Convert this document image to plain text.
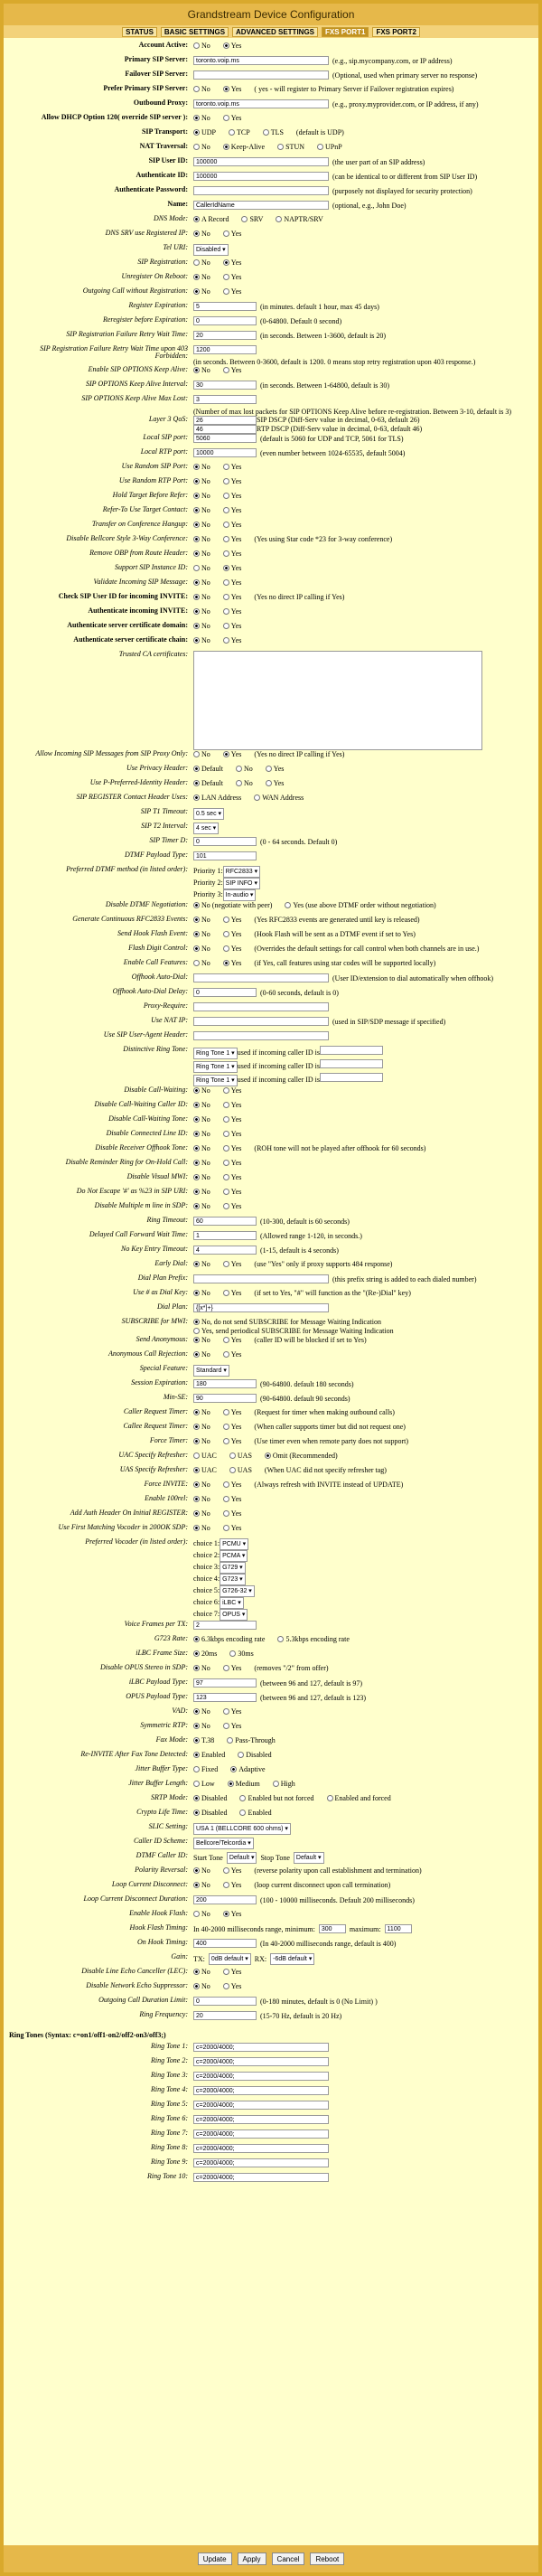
Grandstream Device Configuration
STATUS	BASIC SETTINGS	ADVANCED SETTINGS	FXS PORT1	FXS PORT2
Account Active:	No	Yes
Primary SIP Server:	toronto.voip.ms	(e.g., sip.mycompany.com, or IP address)
Failover SIP Server:	(Optional, used when primary server no response)
Prefer Primary SIP Server:	No	Yes ( yes - will register to Primary Server if Failover registration expires)
Outbound Proxy:	toronto.voip.ms	(e.g., proxy.myprovider.com, or IP address, if any)
Allow DHCP Option 120( override SIP server ):	No	Yes
SIP Transport:	UDP	TCP	TLS (default is UDP)
NAT Traversal:	No	Keep-Alive	STUN	UPnP
SIP User ID:	100000	(the user part of an SIP address)
Authenticate ID:	100000	(can be identical to or different from SIP User ID)
Authenticate Password:	(purposely not displayed for security protection)
Name:	CallerIdName	(optional, e.g., John Doe)
DNS Mode:	A Record	SRV	NAPTR/SRV
DNS SRV use Registered IP:	No	Yes
Tel URI:	Disabled ▾
SIP Registration:	No	Yes
Unregister On Reboot:	No	Yes
Outgoing Call without Registration:	No	Yes
Register Expiration:	5	(in minutes. default 1 hour, max 45 days)
Reregister before Expiration:	0	(0-64800. Default 0 second)
SIP Registration Failure Retry Wait Time:	20	(in seconds. Between 1-3600, default is 20)
SIP Registration Failure Retry Wait Time upon 403 Forbidden:
1200
(in seconds. Between 0-3600, default is 1200. 0 means stop retry registration upon 403 response.)
Enable SIP OPTIONS Keep Alive:	No	Yes
SIP OPTIONS Keep Alive Interval:	30	(in seconds. Between 1-64800, default is 30)
SIP OPTIONS Keep Alive Max Lost:	3
(Number of max lost packets for SIP OPTIONS Keep Alive before re-registration. Between 3-10, default is 3)
Layer 3 QoS:	26	SIP DSCP (Diff-Serv value in decimal, 0-63, default 26)
46	RTP DSCP (Diff-Serv value in decimal, 0-63, default 46)
Local SIP port:	5060	(default is 5060 for UDP and TCP, 5061 for TLS)
Local RTP port:	10000	(even number between 1024-65535, default 5004)
Use Random SIP Port:	No	Yes
Use Random RTP Port:	No	Yes
Hold Target Before Refer:	No	Yes
Refer-To Use Target Contact:	No	Yes
Transfer on Conference Hangup:	No	Yes
Disable Bellcore Style 3-Way Conference:	No	Yes (Yes using Star code *23 for 3-way conference)
Remove OBP from Route Header:	No	Yes
Support SIP Instance ID:	No	Yes
Validate Incoming SIP Message:	No	Yes
Check SIP User ID for incoming INVITE:	No	Yes (Yes no direct IP calling if Yes)
Authenticate incoming INVITE:	No	Yes
Authenticate server certificate domain:	No	Yes
Authenticate server certificate chain:	No	Yes
Trusted CA certificates:
Allow Incoming SIP Messages from SIP Proxy Only:	No	Yes (Yes no direct IP calling if Yes)
Use Privacy Header:	Default	No	Yes
Use P-Preferred-Identity Header:	Default	No	Yes
SIP REGISTER Contact Header Uses:	LAN Address	WAN Address
SIP T1 Timeout:	0.5 sec ▾
SIP T2 Interval:	4 sec ▾
SIP Timer D:	0	(0 - 64 seconds. Default 0)
DTMF Payload Type:	101
Preferred DTMF method (in listed order): Priority 1: RFC2833 ▾
Priority 2: SIP INFO ▾
Priority 3: In-audio ▾
Disable DTMF Negotiation:	No (negotiate with peer)	Yes (use above DTMF order without negotiation)
Generate Continuous RFC2833 Events:	No	Yes (Yes RFC2833 events are generated until key is released)
Send Hook Flash Event:	No	Yes (Hook Flash will be sent as a DTMF event if set to Yes)
Flash Digit Control:	No	Yes (Overrides the default settings for call control when both channels are in use.)
Enable Call Features:	No	Yes (if Yes, call features using star codes will be supported locally)
Offhook Auto-Dial:	(User ID/extension to dial automatically when offhook)
Offhook Auto-Dial Delay:	0	(0-60 seconds, default is 0)
Proxy-Require:
Use NAT IP:	(used in SIP/SDP message if specified)
Use SIP User-Agent Header:
Distinctive Ring Tone:
Ring Tone 1 ▾ used if incoming caller ID is
Ring Tone 1 ▾ used if incoming caller ID is
Ring Tone 1 ▾ used if incoming caller ID is
Disable Call-Waiting:	No	Yes
Disable Call-Waiting Caller ID:	No	Yes
Disable Call-Waiting Tone:	No	Yes
Disable Connected Line ID:	No	Yes
Disable Receiver Offhook Tone:	No	Yes (ROH tone will not be played after offhook for 60 seconds)
Disable Reminder Ring for On-Hold Call:	No	Yes
Disable Visual MWI:	No	Yes
Do Not Escape '#' as %23 in SIP URI:	No	Yes
Disable Multiple m line in SDP:	No	Yes
Ring Timeout:	60	(10-300, default is 60 seconds)
Delayed Call Forward Wait Time:	1	(Allowed range 1-120, in seconds.)
No Key Entry Timeout:	4	(1-15, default is 4 seconds)
Early Dial:	No	Yes (use "Yes" only if proxy supports 484 response)
Dial Plan Prefix:	(this prefix string is added to each dialed number)
Use # as Dial Key:	No	Yes (if set to Yes, "#" will function as the "(Re-)Dial" key)
Dial Plan:	{[x*]+}
SUBSCRIBE for MWI:	No, do not send SUBSCRIBE for Message Waiting Indication
Yes, send periodical SUBSCRIBE for Message Waiting Indication
Send Anonymous:	No	Yes (caller ID will be blocked if set to Yes)
Anonymous Call Rejection:	No	Yes
Special Feature:	Standard ▾
Session Expiration:	180	(90-64800. default 180 seconds)
Min-SE:	90	(90-64800. default 90 seconds)
Caller Request Timer:	No	Yes (Request for timer when making outbound calls)
Callee Request Timer:	No	Yes (When caller supports timer but did not request one)
Force Timer:	No	Yes (Use timer even when remote party does not support)
UAC Specify Refresher:	UAC	UAS	Omit (Recommended)
UAS Specify Refresher:	UAC	UAS (When UAC did not specify refresher tag)
Force INVITE:	No	Yes (Always refresh with INVITE instead of UPDATE)
Enable 100rel:	No	Yes
Add Auth Header On Initial REGISTER:	No	Yes
Use First Matching Vocoder in 200OK SDP:	No	Yes
Preferred Vocoder (in listed order): choice 1: PCMU ▾
choice 2: PCMA ▾
choice 3: G729 ▾
choice 4: G723 ▾
choice 5: G726-32 ▾
choice 6: iLBC ▾
choice 7: OPUS ▾
Voice Frames per TX:	2
G723 Rate:	6.3kbps encoding rate	5.3kbps encoding rate
iLBC Frame Size:	20ms	30ms
Disable OPUS Stereo in SDP:	No	Yes (removes "/2" from offer)
iLBC Payload Type:	97	(between 96 and 127, default is 97)
OPUS Payload Type:	123	(between 96 and 127, default is 123)
VAD:	No	Yes
Symmetric RTP:	No	Yes
Fax Mode:	T.38	Pass-Through
Re-INVITE After Fax Tone Detected:	Enabled	Disabled
Jitter Buffer Type:	Fixed	Adaptive
Jitter Buffer Length:	Low	Medium	High
SRTP Mode:	Disabled	Enabled but not forced	Enabled and forced
Crypto Life Time:	Disabled	Enabled
SLIC Setting:	USA 1 (BELLCORE 600 ohms) ▾
Caller ID Scheme:	Bellcore/Telcordia ▾
DTMF Caller ID: Start Tone	Default ▾ Stop Tone	Default ▾
Polarity Reversal:	No	Yes (reverse polarity upon call establishment and termination)
Loop Current Disconnect:	No	Yes (loop current disconnect upon call termination)
Loop Current Disconnect Duration:	200	(100 - 10000 milliseconds. Default 200 milliseconds)
Enable Hook Flash:	No	Yes
Hook Flash Timing: In 40-2000 milliseconds range, minimum:	300	maximum:	1100
On Hook Timing:	400	(In 40-2000 milliseconds range, default is 400)
Gain: TX:	0dB default ▾ RX:	-6dB default ▾
Disable Line Echo Canceller (LEC):	No	Yes
Disable Network Echo Suppressor:	No	Yes
Outgoing Call Duration Limit:	0	(0-180 minutes, default is 0 (No Limit) )
Ring Frequency:	20	(15-70 Hz, default is 20 Hz)
Ring Tones (Syntax: c=on1/off1-on2/off2-on3/off3;)
Ring Tone 1:	c=2000/4000;
Ring Tone 2:	c=2000/4000;
Ring Tone 3:	c=2000/4000;
Ring Tone 4:	c=2000/4000;
Ring Tone 5:	c=2000/4000;
Ring Tone 6:	c=2000/4000;
Ring Tone 7:	c=2000/4000;
Ring Tone 8:	c=2000/4000;
Ring Tone 9:	c=2000/4000;
Ring Tone 10:	c=2000/4000;
Update	Apply	Cancel	Reboot
